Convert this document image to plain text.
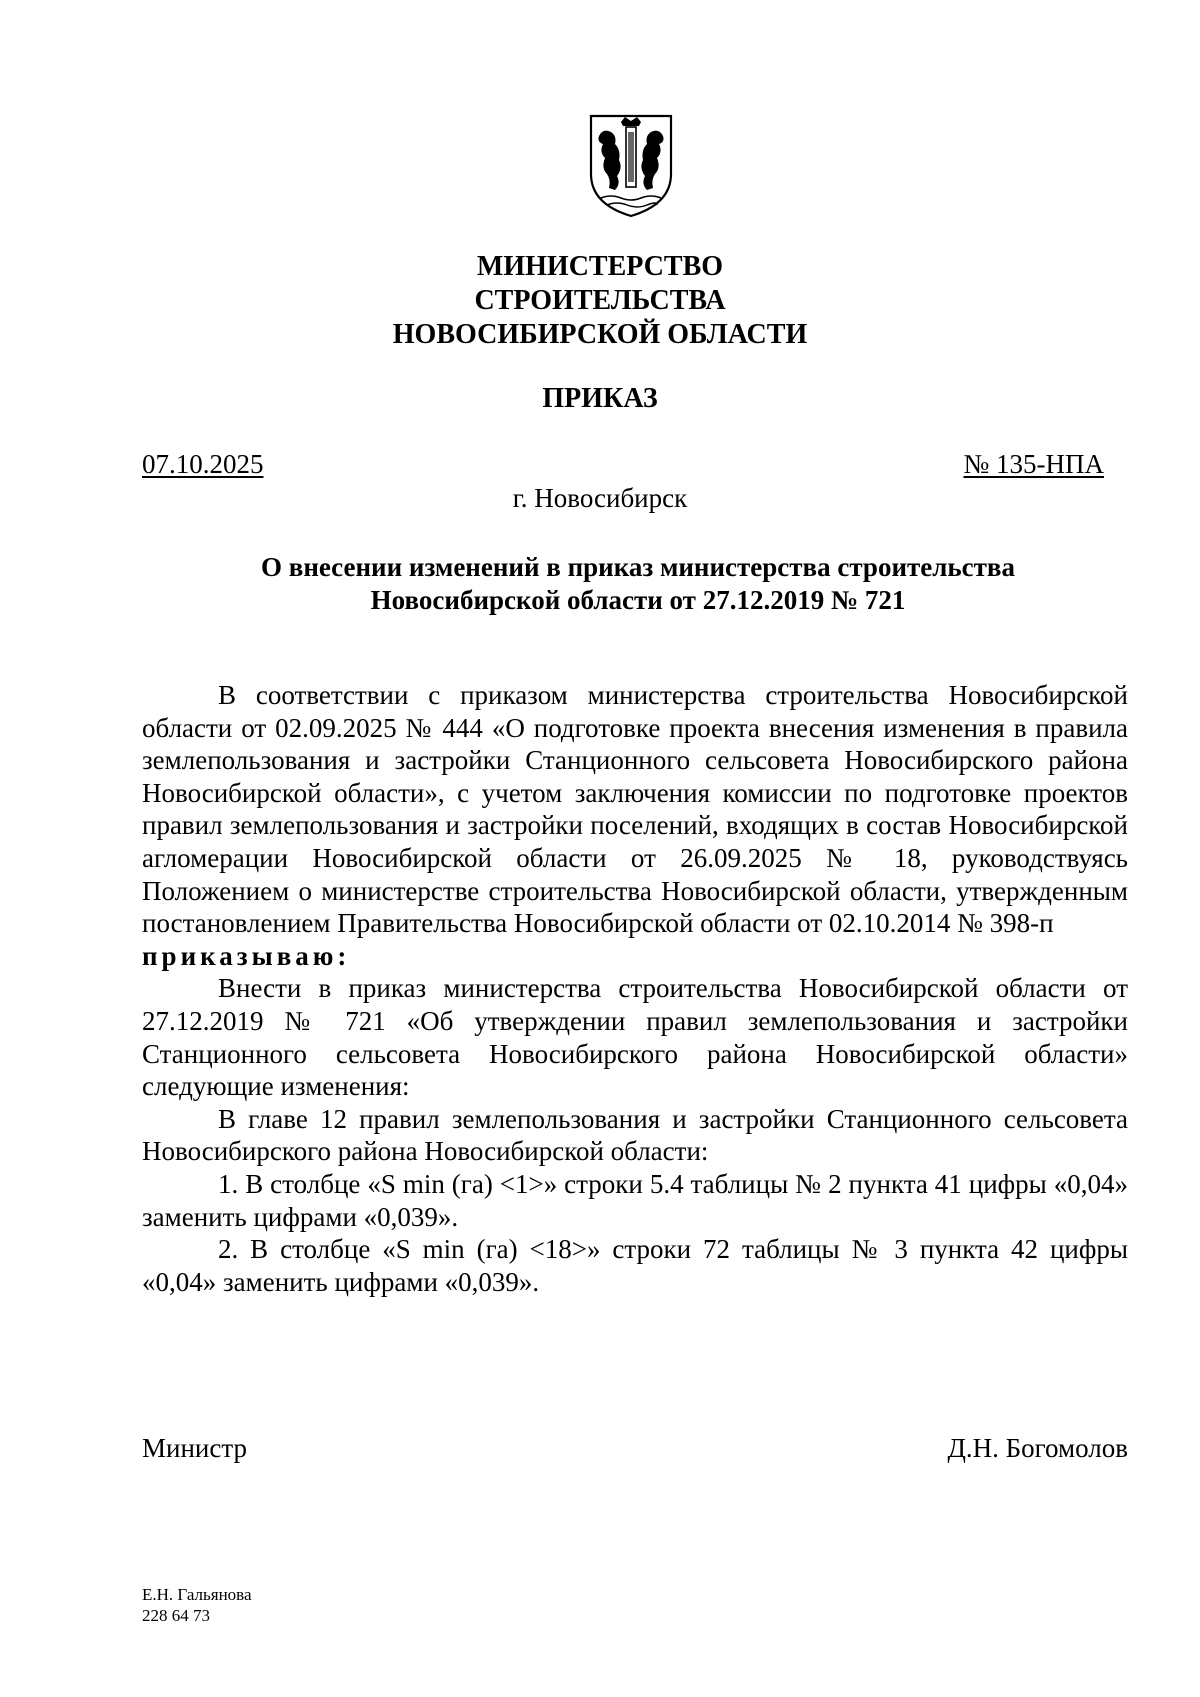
МИНИСТЕРСТВО
СТРОИТЕЛЬСТВА
НОВОСИБИРСКОЙ ОБЛАСТИ
ПРИКАЗ
07.10.2025	№ 135-НПА
г. Новосибирск
О внесении изменений в приказ министерства строительства
Новосибирской области от 27.12.2019 № 721

В соответствии с приказом министерства строительства Новосибирской области от 02.09.2025 № 444 «О подготовке проекта внесения изменения в правила землепользования и застройки Станционного сельсовета Новосибирского района Новосибирской области», с учетом заключения комиссии по подготовке проектов правил землепользования и застройки поселений, входящих в состав Новосибирской агломерации Новосибирской области от 26.09.2025 № 18, руководствуясь Положением о министерстве строительства Новосибирской области, утвержденным постановлением Правительства Новосибирской области от 02.10.2014 № 398-п

приказываю:

Внести в приказ министерства строительства Новосибирской области от 27.12.2019 № 721 «Об утверждении правил землепользования и застройки Станционного сельсовета Новосибирского района Новосибирской области» следующие изменения:

В главе 12 правил землепользования и застройки Станционного сельсовета Новосибирского района Новосибирской области:

1. В столбце «S min (га) <1>» строки 5.4 таблицы № 2 пункта 41 цифры «0,04» заменить цифрами «0,039».

2. В столбце «S min (га) <18>» строки 72 таблицы № 3 пункта 42 цифры «0,04» заменить цифрами «0,039».

Министр	Д.Н. Богомолов
Е.Н. Гальянова
228 64 73
